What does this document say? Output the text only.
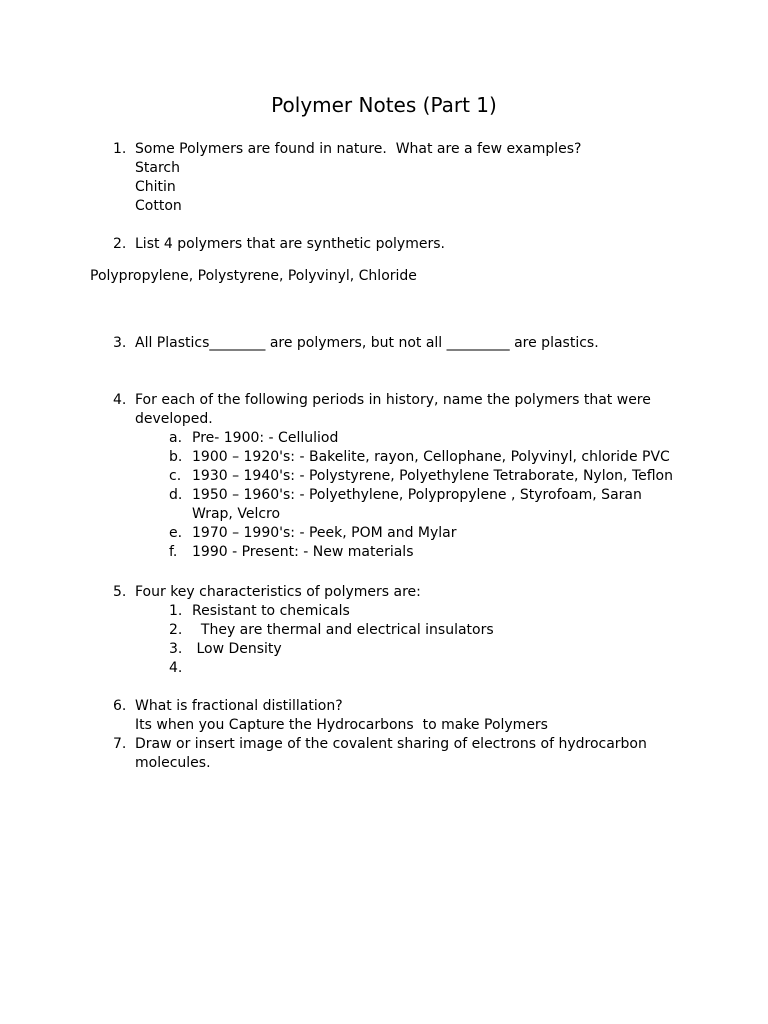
Polymer Notes (Part 1)
1. Some Polymers are found in nature.  What are a few examples?
Starch
Chitin
Cotton
2. List 4 polymers that are synthetic polymers.
Polypropylene, Polystyrene, Polyvinyl, Chloride
3. All Plastics________ are polymers, but not all _________ are plastics.
4. For each of the following periods in history, name the polymers that were
developed.
a. Pre- 1900: - Celluliod
b. 1900 – 1920's: - Bakelite, rayon, Cellophane, Polyvinyl, chloride PVC
c. 1930 – 1940's: - Polystyrene, Polyethylene Tetraborate, Nylon, Teflon
d. 1950 – 1960's: - Polyethylene, Polypropylene , Styrofoam, Saran
Wrap, Velcro
e. 1970 – 1990's: - Peek, POM and Mylar
f. 1990 - Present: - New materials
5. Four key characteristics of polymers are:
1. Resistant to chemicals
2. They are thermal and electrical insulators
3. Low Density
4.
6. What is fractional distillation?
Its when you Capture the Hydrocarbons  to make Polymers
7. Draw or insert image of the covalent sharing of electrons of hydrocarbon
molecules.
